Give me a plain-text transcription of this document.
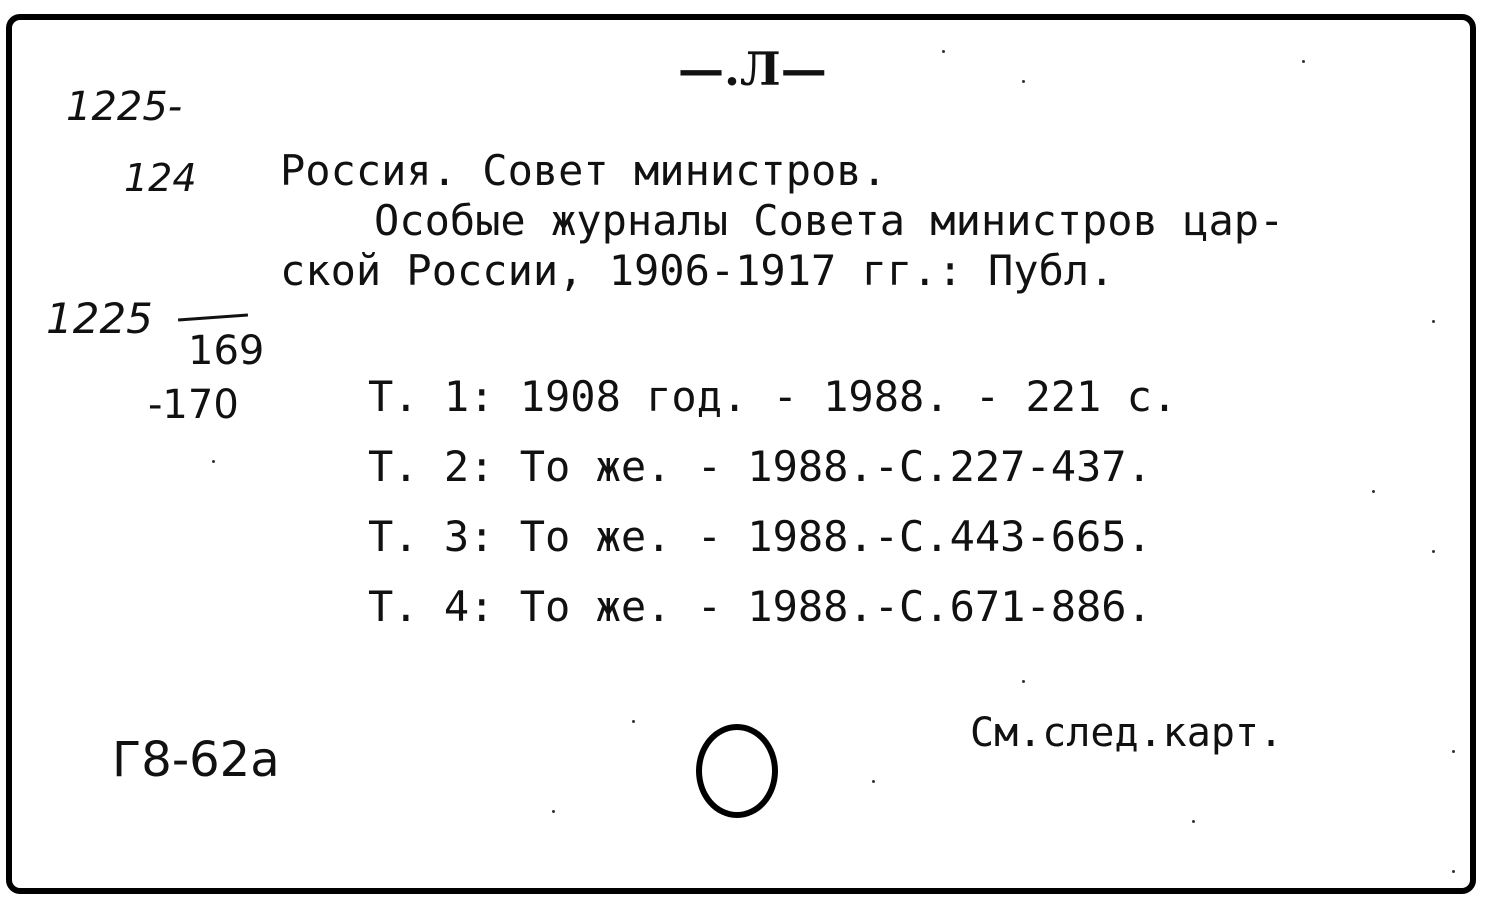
—.Л—
1225-
124
1225
169
-170
Россия. Совет министров.
Особые журналы Совета министров цар-
ской России, 1906-1917 гг.: Публ.
Т. 1: 1908 год. - 1988. - 221 с.
Т. 2: То же. - 1988.-С.227-437.
Т. 3: То же. - 1988.-С.443-665.
Т. 4: То же. - 1988.-С.671-886.
Г8-62а	См.след.карт.
